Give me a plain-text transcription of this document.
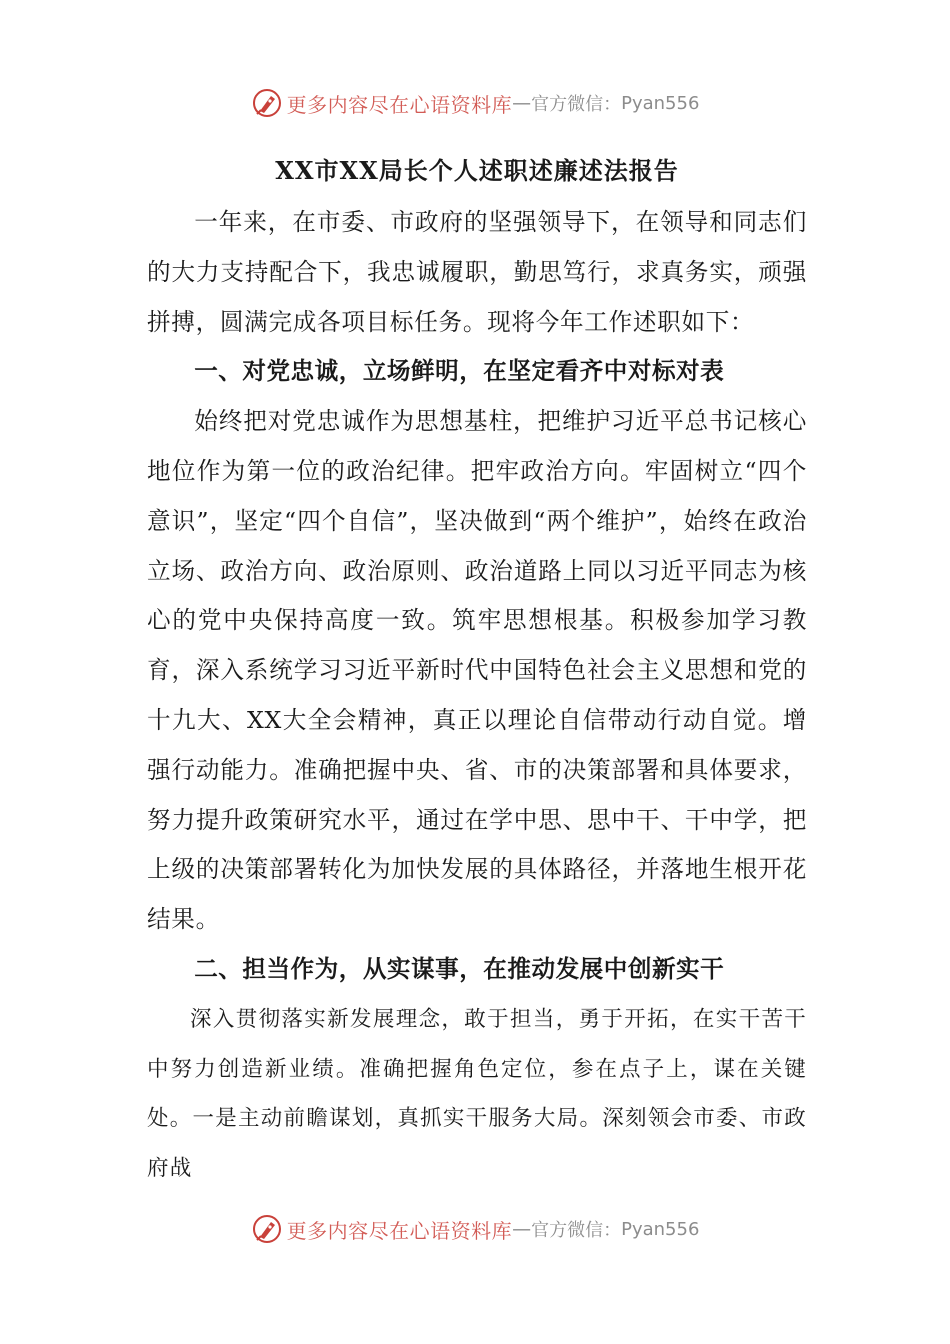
更多内容尽在心语资料库 — 官方微信： Pyan556
XX市XX局长个人述职述廉述法报告

一年来，在市委、市政府的坚强领导下，在领导和同志们的大力支持配合下，我忠诚履职，勤思笃行，求真务实，顽强拼搏，圆满完成各项目标任务。现将今年工作述职如下：

一、对党忠诚，立场鲜明，在坚定看齐中对标对表

始终把对党忠诚作为思想基柱，把维护习近平总书记核心地位作为第一位的政治纪律。把牢政治方向。牢固树立“四个意识”，坚定“四个自信”，坚决做到“两个维护”，始终在政治立场、政治方向、政治原则、政治道路上同以习近平同志为核心的党中央保持高度一致。筑牢思想根基。积极参加学习教育，深入系统学习习近平新时代中国特色社会主义思想和党的十九大、XX大全会精神，真正以理论自信带动行动自觉。增强行动能力。准确把握中央、省、市的决策部署和具体要求，努力提升政策研究水平，通过在学中思、思中干、干中学，把上级的决策部署转化为加快发展的具体路径，并落地生根开花结果。

二、担当作为，从实谋事，在推动发展中创新实干

深入贯彻落实新发展理念，敢于担当，勇于开拓，在实干苦干中努力创造新业绩。准确把握角色定位，参在点子上，谋在关键处。一是主动前瞻谋划，真抓实干服务大局。深刻领会市委、市政府战

更多内容尽在心语资料库 — 官方微信： Pyan556
